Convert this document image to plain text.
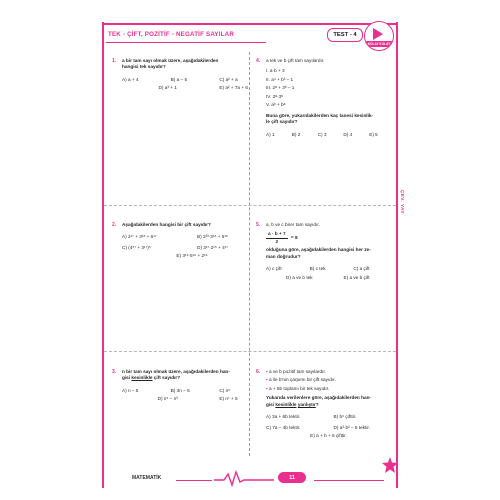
TEK - ÇİFT, POZİTİF - NEGATİF SAYILAR	TEST - 4
KOLAY KOLAY
ÇEV. YAY
1. a bir tam sayı olmak üzere, aşağıdakilerden
hangisi tek sayıdır?
A) a + 4	B) a – 5	C) a² + a
D) a³ + 1	E) a² + 7a + 6
2. Aşağıdakilerden hangisi bir çift sayıdır?
A) 2¹⁷ + 3¹⁸ + 6¹⁷	B) 2²³·3¹⁸ + 5¹⁸
C) (4⁵⁷ + 3¹⁷)⁵	D) 3¹⁷·2¹⁵ + 4¹⁷
E) 3¹⁶·5¹⁶ + 2¹⁶
3. n bir tam sayı olmak üzere, aşağıdakilerden han-
gisi kesinlikle çift sayıdır?
A) n – 5	B) 3n – 5	C) n⁵
D) n⁵ – n³	E) n⁷ + 5
4. a tek ve b çift tam sayılardır.
I. a·b + 3
II. a⁴ + b³ – 1
III. 2ᵃ + 3ᵇ – 1
IV. 2ᵃ·3ᵇ
V. aᵇ + bᵃ
Buna göre, yukarıdakilerden kaç tanesi kesinlik-
le çift sayıdır?
A) 1	B) 2	C) 3	D) 4	E) 5
5. a, b ve c birer tam sayıdır.
$\frac{a \cdot b + 7}{2} = 8$
olduğuna göre, aşağıdakilerden hangisi her ze-
man doğrudur?
A) c çift	B) c tek	C) a çift
D) a ve b tek	E) a ve b çift
6.
▪	a ve b pozitif tam sayılardır.
▪ a ile b'nin çarpımı bir çift sayıdır.
▪ a + 5b toplamı bir tek sayıdır.
Yukarıda verilenlere göre, aşağıdakilerden han-
gisi kesinlikle yanlıştır?
A) 3a + 6b tektir.	B) b⁶ çifttir.
C) 7a – 4b tektir.	D) a³·b² – 5 tektir.
E) a + b + 6 çifttir.
MATEMATİK	11
